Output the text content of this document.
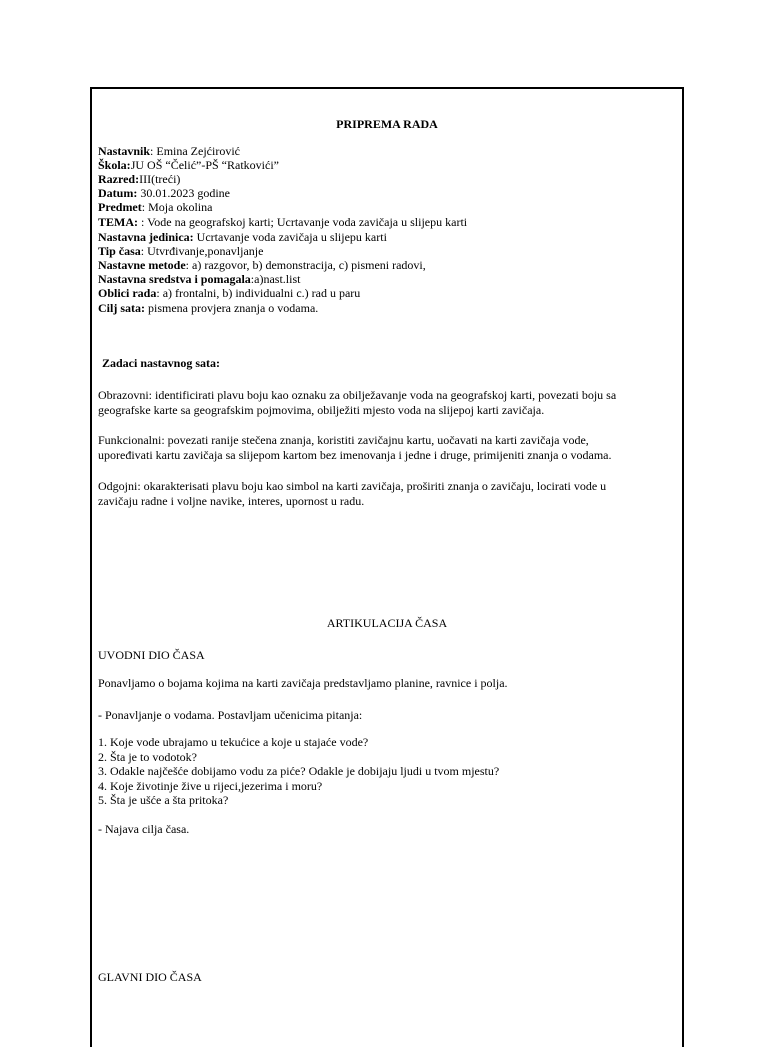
PRIPREMA RADA
Nastavnik: Emina Zejćirović
Škola:JU OŠ “Čelić”-PŠ “Ratkovići”
Razred:III(treći)
Datum: 30.01.2023 godine
Predmet: Moja okolina
TEMA: : Vode na geografskoj karti; Ucrtavanje voda zavičaja u slijepu karti
Nastavna jedinica: Ucrtavanje voda zavičaja u slijepu karti
Tip časa: Utvrđivanje,ponavljanje
Nastavne metode: a) razgovor, b) demonstracija, c) pismeni radovi,
Nastavna sredstva i pomagala:a)nast.list
Oblici rada: a) frontalni, b) individualni c.) rad u paru
Cilj sata: pismena provjera znanja o vodama.
Zadaci nastavnog sata:
Obrazovni: identificirati plavu boju kao oznaku za obilježavanje voda na geografskoj karti, povezati boju sa
geografske karte sa geografskim pojmovima, obilježiti mjesto voda na slijepoj karti zavičaja.
Funkcionalni: povezati ranije stečena znanja, koristiti zavičajnu kartu, uočavati na karti zavičaja vode,
upoređivati kartu zavičaja sa slijepom kartom bez imenovanja i jedne i druge, primijeniti znanja o vodama.
Odgojni: okarakterisati plavu boju kao simbol na karti zavičaja, proširiti znanja o zavičaju, locirati vode u
zavičaju radne i voljne navike, interes, upornost u radu.
ARTIKULACIJA ČASA
UVODNI DIO ČASA
Ponavljamo o bojama kojima na karti zavičaja predstavljamo planine, ravnice i polja.
- Ponavljanje o vodama. Postavljam učenicima pitanja:
1. Koje vode ubrajamo u tekućice a koje u stajaće vode?
2. Šta je to vodotok?
3. Odakle najčešće dobijamo vodu za piće? Odakle je dobijaju ljudi u tvom mjestu?
4. Koje životinje žive u rijeci,jezerima i moru?
5. Šta je ušće a šta pritoka?
- Najava cilja časa.
GLAVNI DIO ČASA
